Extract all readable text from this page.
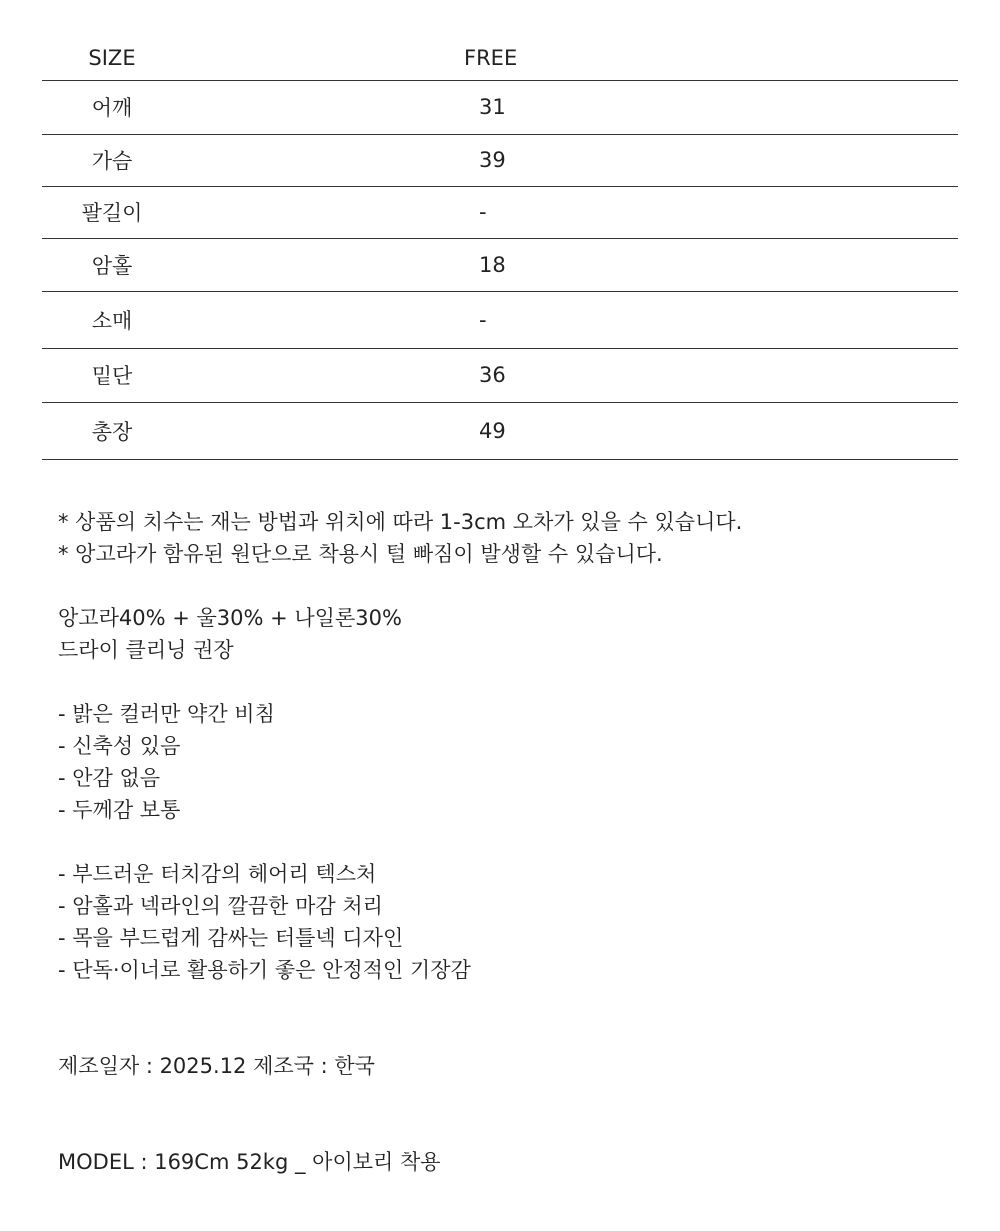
SIZE	FREE
어깨	31
가슴	39
팔길이	-
암홀	18
소매	-
밑단	36
총장	49
* 상품의 치수는 재는 방법과 위치에 따라 1-3cm 오차가 있을 수 있습니다.
* 앙고라가 함유된 원단으로 착용시 털 빠짐이 발생할 수 있습니다.
앙고라40% + 울30% + 나일론30%
드라이 클리닝 권장
- 밝은 컬러만 약간 비침
- 신축성 있음
- 안감 없음
- 두께감 보통
- 부드러운 터치감의 헤어리 텍스처
- 암홀과 넥라인의 깔끔한 마감 처리
- 목을 부드럽게 감싸는 터틀넥 디자인
- 단독·이너로 활용하기 좋은 안정적인 기장감
제조일자 : 2025.12 제조국 : 한국
MODEL : 169Cm 52kg _ 아이보리 착용
